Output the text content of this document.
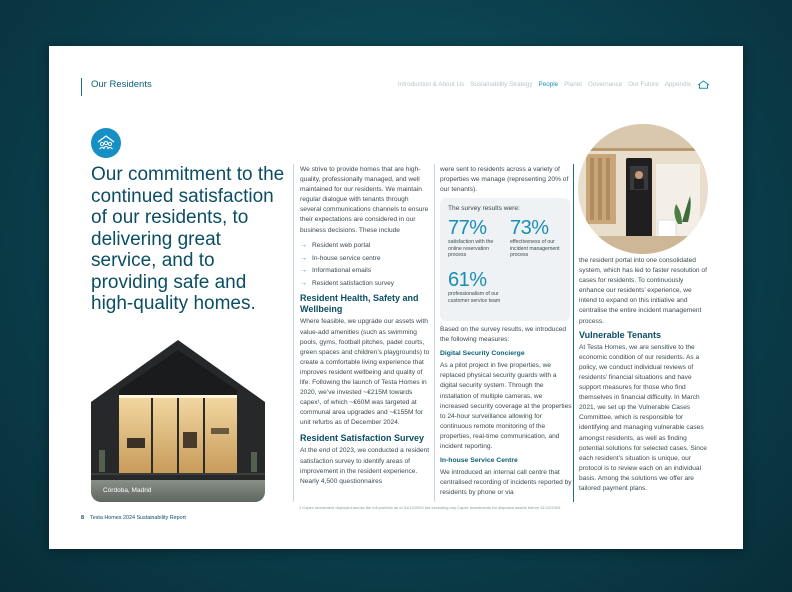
Our Residents	Introduction & About Us Sustainability Strategy People Planet Governance Our Future Appendix
Our commitment to the continued satisfaction of our residents, to delivering great service, and to providing safe and high-quality homes.
Córdoba, Madrid

We strive to provide homes that are high-quality, professionally managed, and well maintained for our residents. We maintain regular dialogue with tenants through several communications channels to ensure their expectations are considered in our business decisions. These include

→ Resident web portal
→ In-house service centre
→ Informational emails
→ Resident satisfaction survey
Resident Health, Safety and Wellbeing

Where feasible, we upgrade our assets with value-add amenities (such as swimming pools, gyms, football pitches, padel courts, green spaces and children’s playgrounds) to create a comfortable living experience that improves resident wellbeing and quality of life. Following the launch of Testa Homes in 2020, we’ve invested ~€215M towards capex¹, of which ~€60M was targeted at communal area upgrades and ~€155M for unit refurbs as of December 2024.

Resident Satisfaction Survey

At the end of 2023, we conducted a resident satisfaction survey to identify areas of improvement in the resident experience. Nearly 4,500 questionnaires

were sent to residents across a variety of properties we manage (representing 20% of our tenants).

The survey results were:
77%
satisfaction with the online reservation process
73%
effectiveness of our incident management process
61%
professionalism of our customer service team

Based on the survey results, we introduced the following measures:

Digital Security Concierge

As a pilot project in five properties, we replaced physical security guards with a digital security system. Through the installation of multiple cameras, we increased security coverage at the properties to 24-hour surveillance allowing for continuous remote monitoring of the properties, real-time communication, and incident reporting.

In-house Service Centre

We introduced an internal call centre that centralised recording of incidents reported by residents by phone or via

the resident portal into one consolidated system, which has led to faster resolution of cases for residents. To continuously enhance our residents’ experience, we intend to expand on this initiative and centralise the entire incident management process.

Vulnerable Tenants

At Testa Homes, we are sensitive to the economic condition of our residents. As a policy, we conduct individual reviews of residents’ financial situations and have support measures for those who find themselves in financial difficulty. In March 2021, we set up the Vulnerable Cases Committee, which is responsible for identifying and managing vulnerable cases amongst residents, as well as finding potential solutions for selected cases. Since each resident’s situation is unique, our protocol is to review each on an individual basis. Among the solutions we offer are tailored payment plans.

1 Capex investment deployed across the full portfolio as of 31/12/2024 but excluding any Capex investments for disposed assets before 31/12/2024.
8 Testa Homes 2024 Sustainability Report
